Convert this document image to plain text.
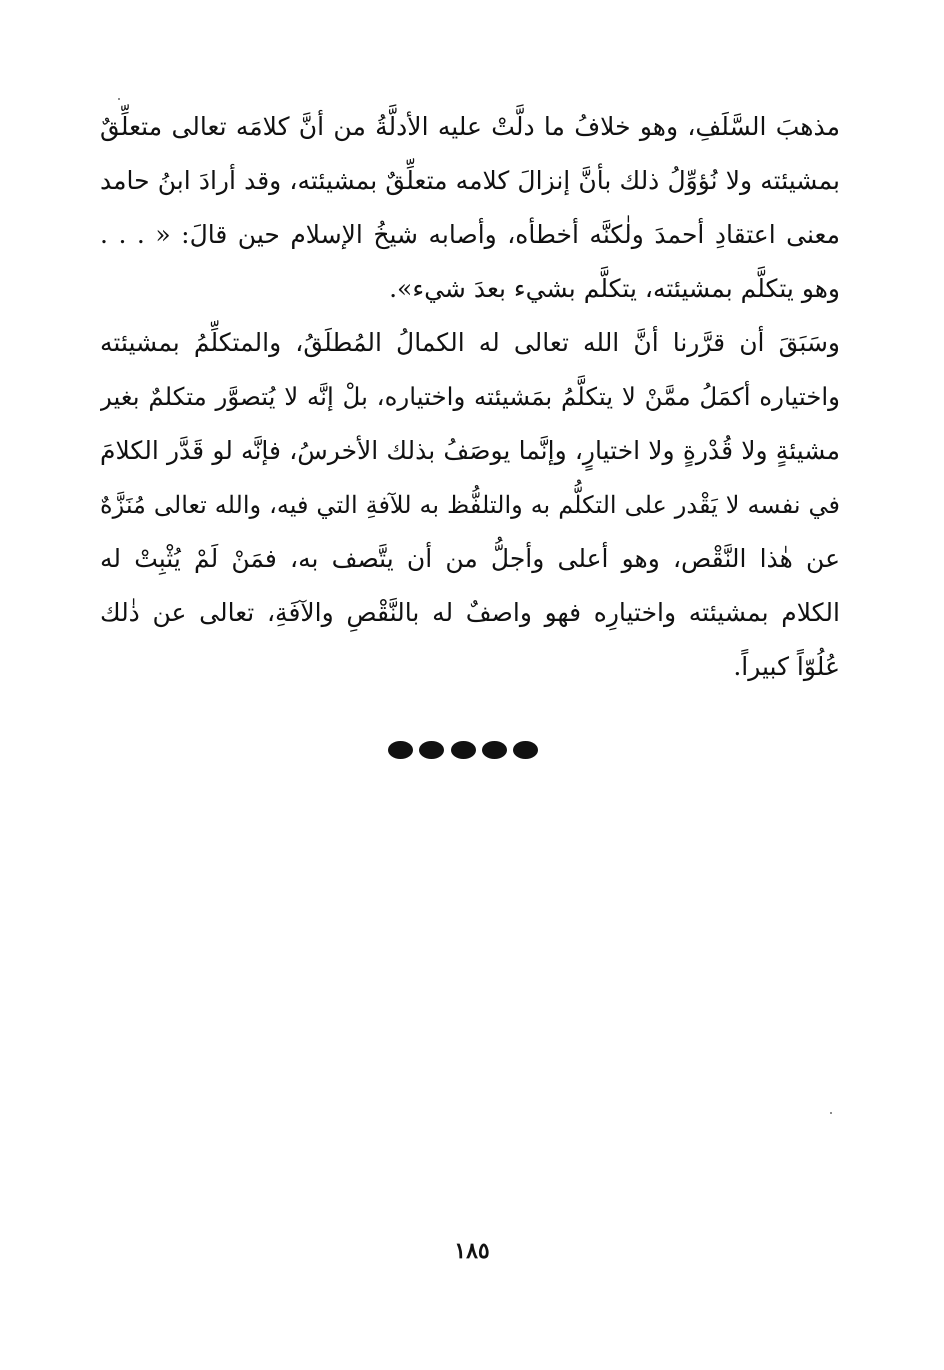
مذهبَ السَّلَفِ، وهو خلافُ ما دلَّتْ عليه الأدلَّةُ من أنَّ كلامَه تعالى متعلِّقٌ
بمشيئته ولا نُؤوِّلُ ذلك بأنَّ إنزالَ كلامه متعلِّقٌ بمشيئته، وقد أرادَ ابنُ حامد
معنى اعتقادِ أحمدَ ولٰكنَّه أخطأه، وأصابه شيخُ الإسلام حين قالَ: « . . .
وهو يتكلَّم بمشيئته، يتكلَّم بشيء بعدَ شيء».
وسَبَقَ أن قرَّرنا أنَّ الله تعالى له الكمالُ المُطلَقُ، والمتكلِّمُ بمشيئته
واختياره أكمَلُ ممَّنْ لا يتكلَّمُ بمَشيئته واختياره، بلْ إنَّه لا يُتصوَّر متكلمٌ بغير
مشيئةٍ ولا قُدْرةٍ ولا اختيارٍ، وإنَّما يوصَفُ بذلك الأخرسُ، فإنَّه لو قَدَّر الكلامَ
في نفسه لا يَقْدر على التكلُّم به والتلفُّظ به للآفةِ التي فيه، والله تعالى مُنَزَّهٌ
عن هٰذا النَّقْص، وهو أعلى وأجلُّ من أن يتَّصف به، فمَنْ لَمْ يُثْبِتْ له
الكلام بمشيئته واختيارِه فهو واصفٌ له بالنَّقْصِ والآفَةِ، تعالى عن ذٰلك
عُلُوّاً كبيراً.
١٨٥
